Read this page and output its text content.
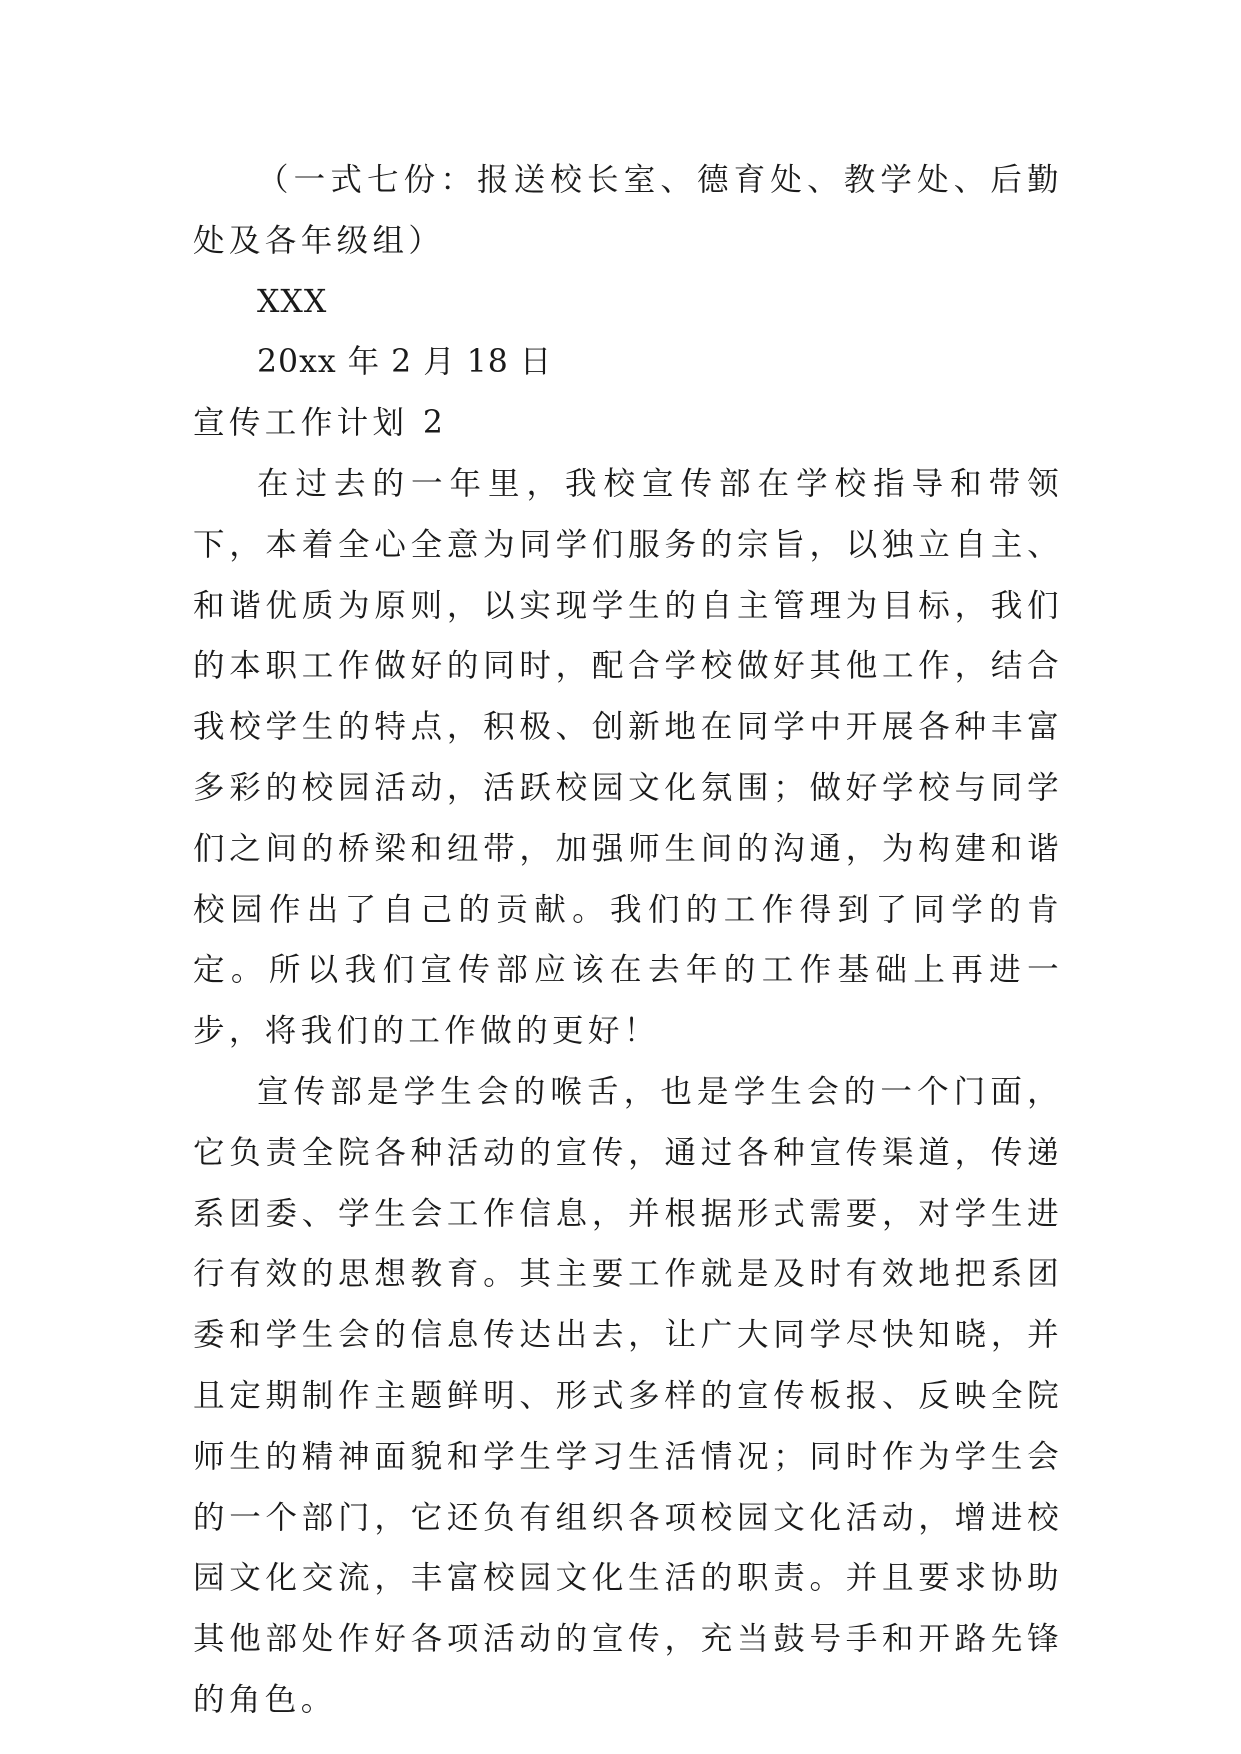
（一式七份：报送校长室、德育处、教学处、后勤处及各年级组）

XXX

20xx 年 2 月 18 日

宣传工作计划 2

在过去的一年里，我校宣传部在学校指导和带领下，本着全心全意为同学们服务的宗旨，以独立自主、和谐优质为原则，以实现学生的自主管理为目标，我们的本职工作做好的同时，配合学校做好其他工作，结合我校学生的特点，积极、创新地在同学中开展各种丰富多彩的校园活动，活跃校园文化氛围；做好学校与同学们之间的桥梁和纽带，加强师生间的沟通，为构建和谐校园作出了自己的贡献。我们的工作得到了同学的肯定。所以我们宣传部应该在去年的工作基础上再进一步，将我们的工作做的更好！

宣传部是学生会的喉舌，也是学生会的一个门面，它负责全院各种活动的宣传，通过各种宣传渠道，传递系团委、学生会工作信息，并根据形式需要，对学生进行有效的思想教育。其主要工作就是及时有效地把系团委和学生会的信息传达出去，让广大同学尽快知晓，并且定期制作主题鲜明、形式多样的宣传板报、反映全院师生的精神面貌和学生学习生活情况；同时作为学生会的一个部门，它还负有组织各项校园文化活动，增进校园文化交流，丰富校园文化生活的职责。并且要求协助其他部处作好各项活动的宣传，充当鼓号手和开路先锋的角色。
